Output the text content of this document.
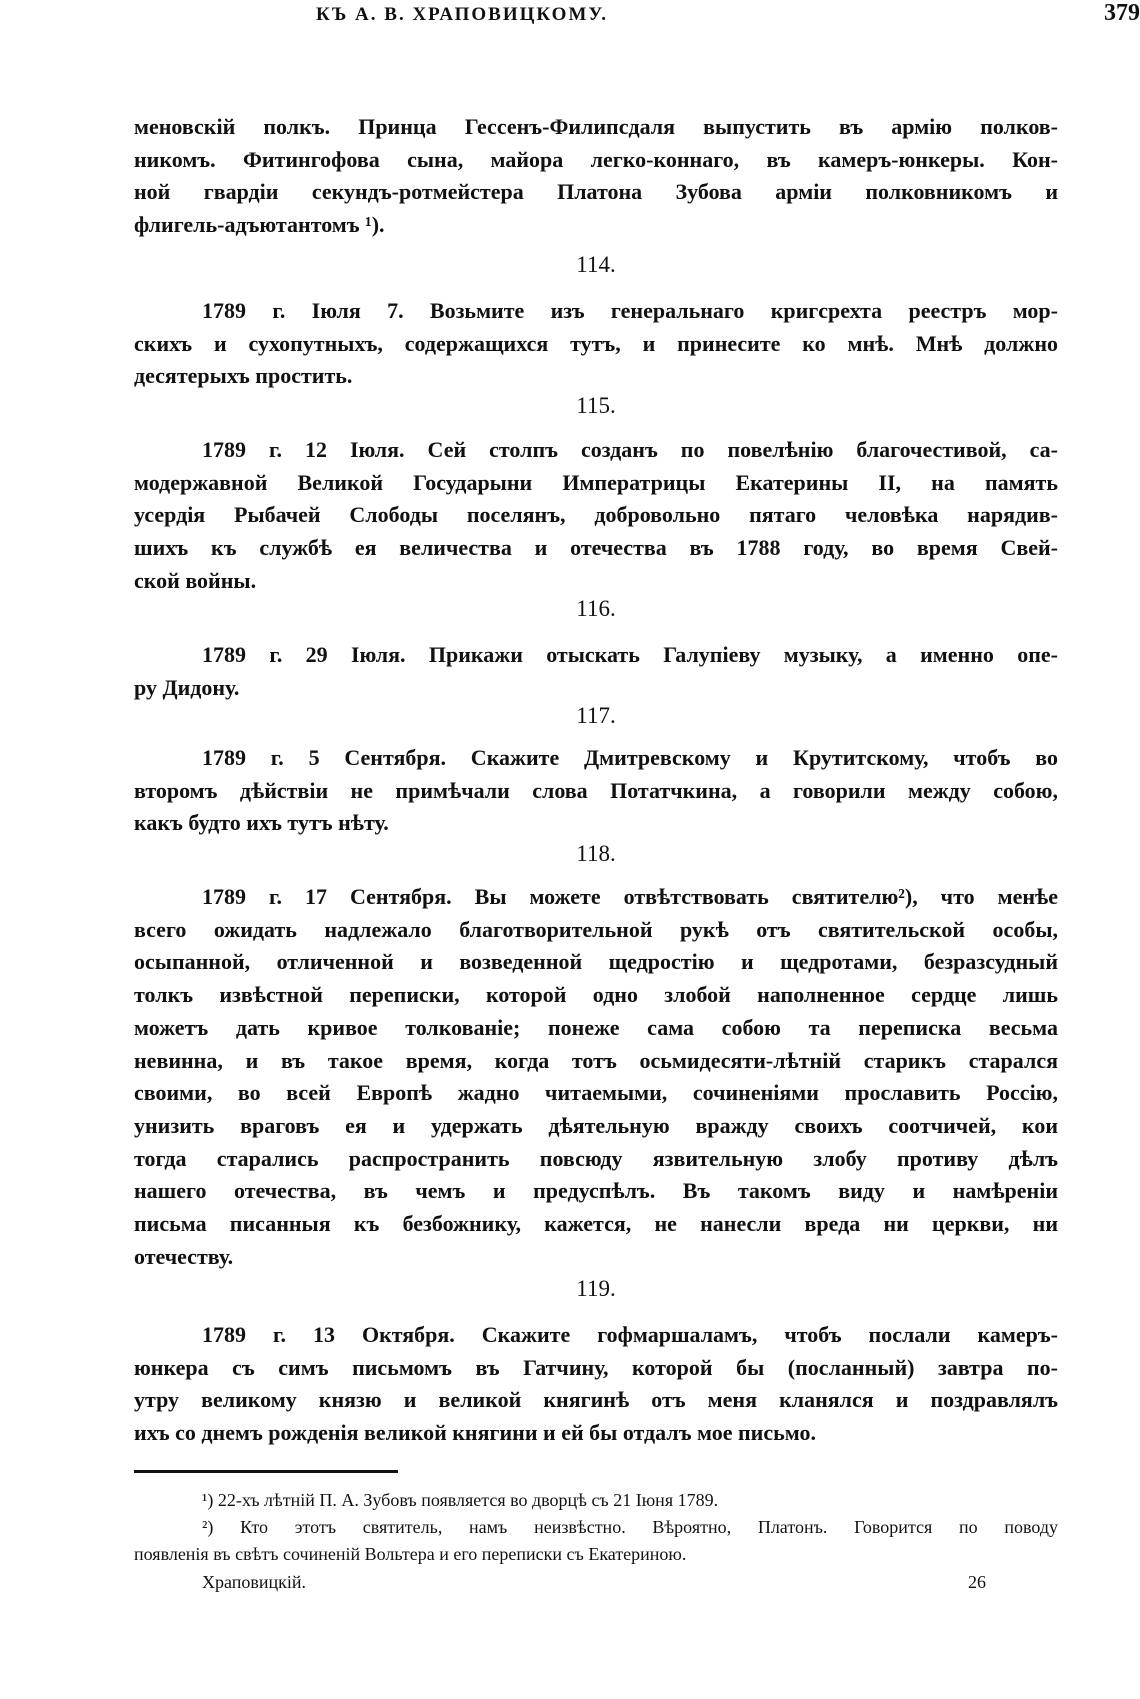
КЪ А. В. ХРАПОВИЦКОМУ.	379
меновскій полкъ. Принца Гессенъ-Филипсдаля выпустить въ армію полков-
никомъ. Фитингофова сына, майора легко-коннаго, въ камеръ-юнкеры. Кон-
ной гвардіи секундъ-ротмейстера Платона Зубова арміи полковникомъ и
флигель-адъютантомъ ¹).
114.
1789 г. Іюля 7. Возьмите изъ генеральнаго кригсрехта реестръ мор-
скихъ и сухопутныхъ, содержащихся тутъ, и принесите ко мнѣ. Мнѣ должно
десятерыхъ простить.
115.
1789 г. 12 Іюля. Сей столпъ созданъ по повелѣнію благочестивой, са-
модержавной Великой Государыни Императрицы Екатерины II, на память
усердія Рыбачей Слободы поселянъ, добровольно пятаго человѣка нарядив-
шихъ къ службѣ ея величества и отечества въ 1788 году, во время Свей-
ской войны.
116.
1789 г. 29 Іюля. Прикажи отыскать Галупіеву музыку, а именно опе-
ру Дидону.
117.
1789 г. 5 Сентября. Скажите Дмитревскому и Крутитскому, чтобъ во
второмъ дѣйствіи не примѣчали слова Потатчкина, а говорили между собою,
какъ будто ихъ тутъ нѣту.
118.
1789 г. 17 Сентября. Вы можете отвѣтствовать святителю²), что менѣе
всего ожидать надлежало благотворительной рукѣ отъ святительской особы,
осыпанной, отличенной и возведенной щедростію и щедротами, безразсудный
толкъ извѣстной переписки, которой одно злобой наполненное сердце лишь
можетъ дать кривое толкованіе; понеже сама собою та переписка весьма
невинна, и въ такое время, когда тотъ осьмидесяти-лѣтній старикъ старался
своими, во всей Европѣ жадно читаемыми, сочиненіями прославить Россію,
унизить враговъ ея и удержать дѣятельную вражду своихъ соотчичей, кои
тогда старались распространить повсюду язвительную злобу противу дѣлъ
нашего отечества, въ чемъ и предуспѣлъ. Въ такомъ виду и намѣреніи
письма писанныя къ безбожнику, кажется, не нанесли вреда ни церкви, ни
отечеству.
119.
1789 г. 13 Октября. Скажите гофмаршаламъ, чтобъ послали камеръ-
юнкера съ симъ письмомъ въ Гатчину, которой бы (посланный) завтра по-
утру великому князю и великой княгинѣ отъ меня кланялся и поздравлялъ
ихъ со днемъ рожденія великой княгини и ей бы отдалъ мое письмо.
¹) 22-хъ лѣтній П. А. Зубовъ появляется во дворцѣ съ 21 Іюня 1789.
²) Кто этотъ святитель, намъ неизвѣстно. Вѣроятно, Платонъ. Говорится по поводу
появленія въ свѣтъ сочиненій Вольтера и его переписки съ Екатериною.
Храповицкій.	26
